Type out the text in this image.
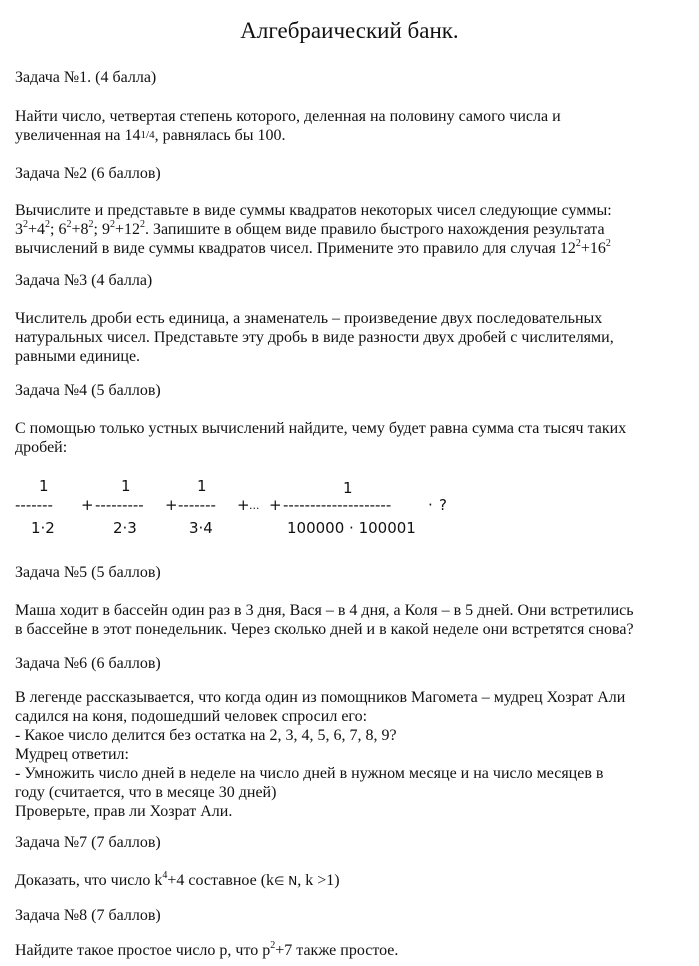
Алгебраический банк.
Задача №1. (4 балла)

Найти число, четвертая степень которого, деленная на половину самого числа и

увеличенная на 141/4, равнялась бы 100.

Задача №2 (6 баллов)

Вычислите и представьте в виде суммы квадратов некоторых чисел следующие суммы:

$3^2+4^2$; $6^2+8^2$; $9^2+12^2$. Запишите в общем виде правило быстрого нахождения результата

вычислений в виде суммы квадратов чисел. Примените это правило для случая $12^2+16^2$

Задача №3 (4 балла)

Числитель дроби есть единица, а знаменатель – произведение двух последовательных

натуральных чисел. Представьте эту дробь в виде разности двух дробей с числителями,

равными единице.

Задача №4 (5 баллов)

С помощью только устных вычислений найдите, чему будет равна сумма ста тысяч таких

дробей:

1	1	1	1
------- + --------- + ------- + ... + -------------------- · ?
1·2	2·3	3·4	100000 · 100001
Задача №5 (5 баллов)

Маша ходит в бассейн один раз в 3 дня, Вася – в 4 дня, а Коля – в 5 дней. Они встретились

в бассейне в этот понедельник. Через сколько дней и в какой неделе они встретятся снова?

Задача №6 (6 баллов)

В легенде рассказывается, что когда один из помощников Магомета – мудрец Хозрат Али

садился на коня, подошедший человек спросил его:

- Какое число делится без остатка на 2, 3, 4, 5, 6, 7, 8, 9?

Мудрец ответил:

- Умножить число дней в неделе на число дней в нужном месяце и на число месяцев в

году (считается, что в месяце 30 дней)

Проверьте, прав ли Хозрат Али.

Задача №7 (7 баллов)

Доказать, что число $k^4+4$ составное (k∈ N, k >1)

Задача №8 (7 баллов)

Найдите такое простое число р, что $р^2+7$ также простое.
